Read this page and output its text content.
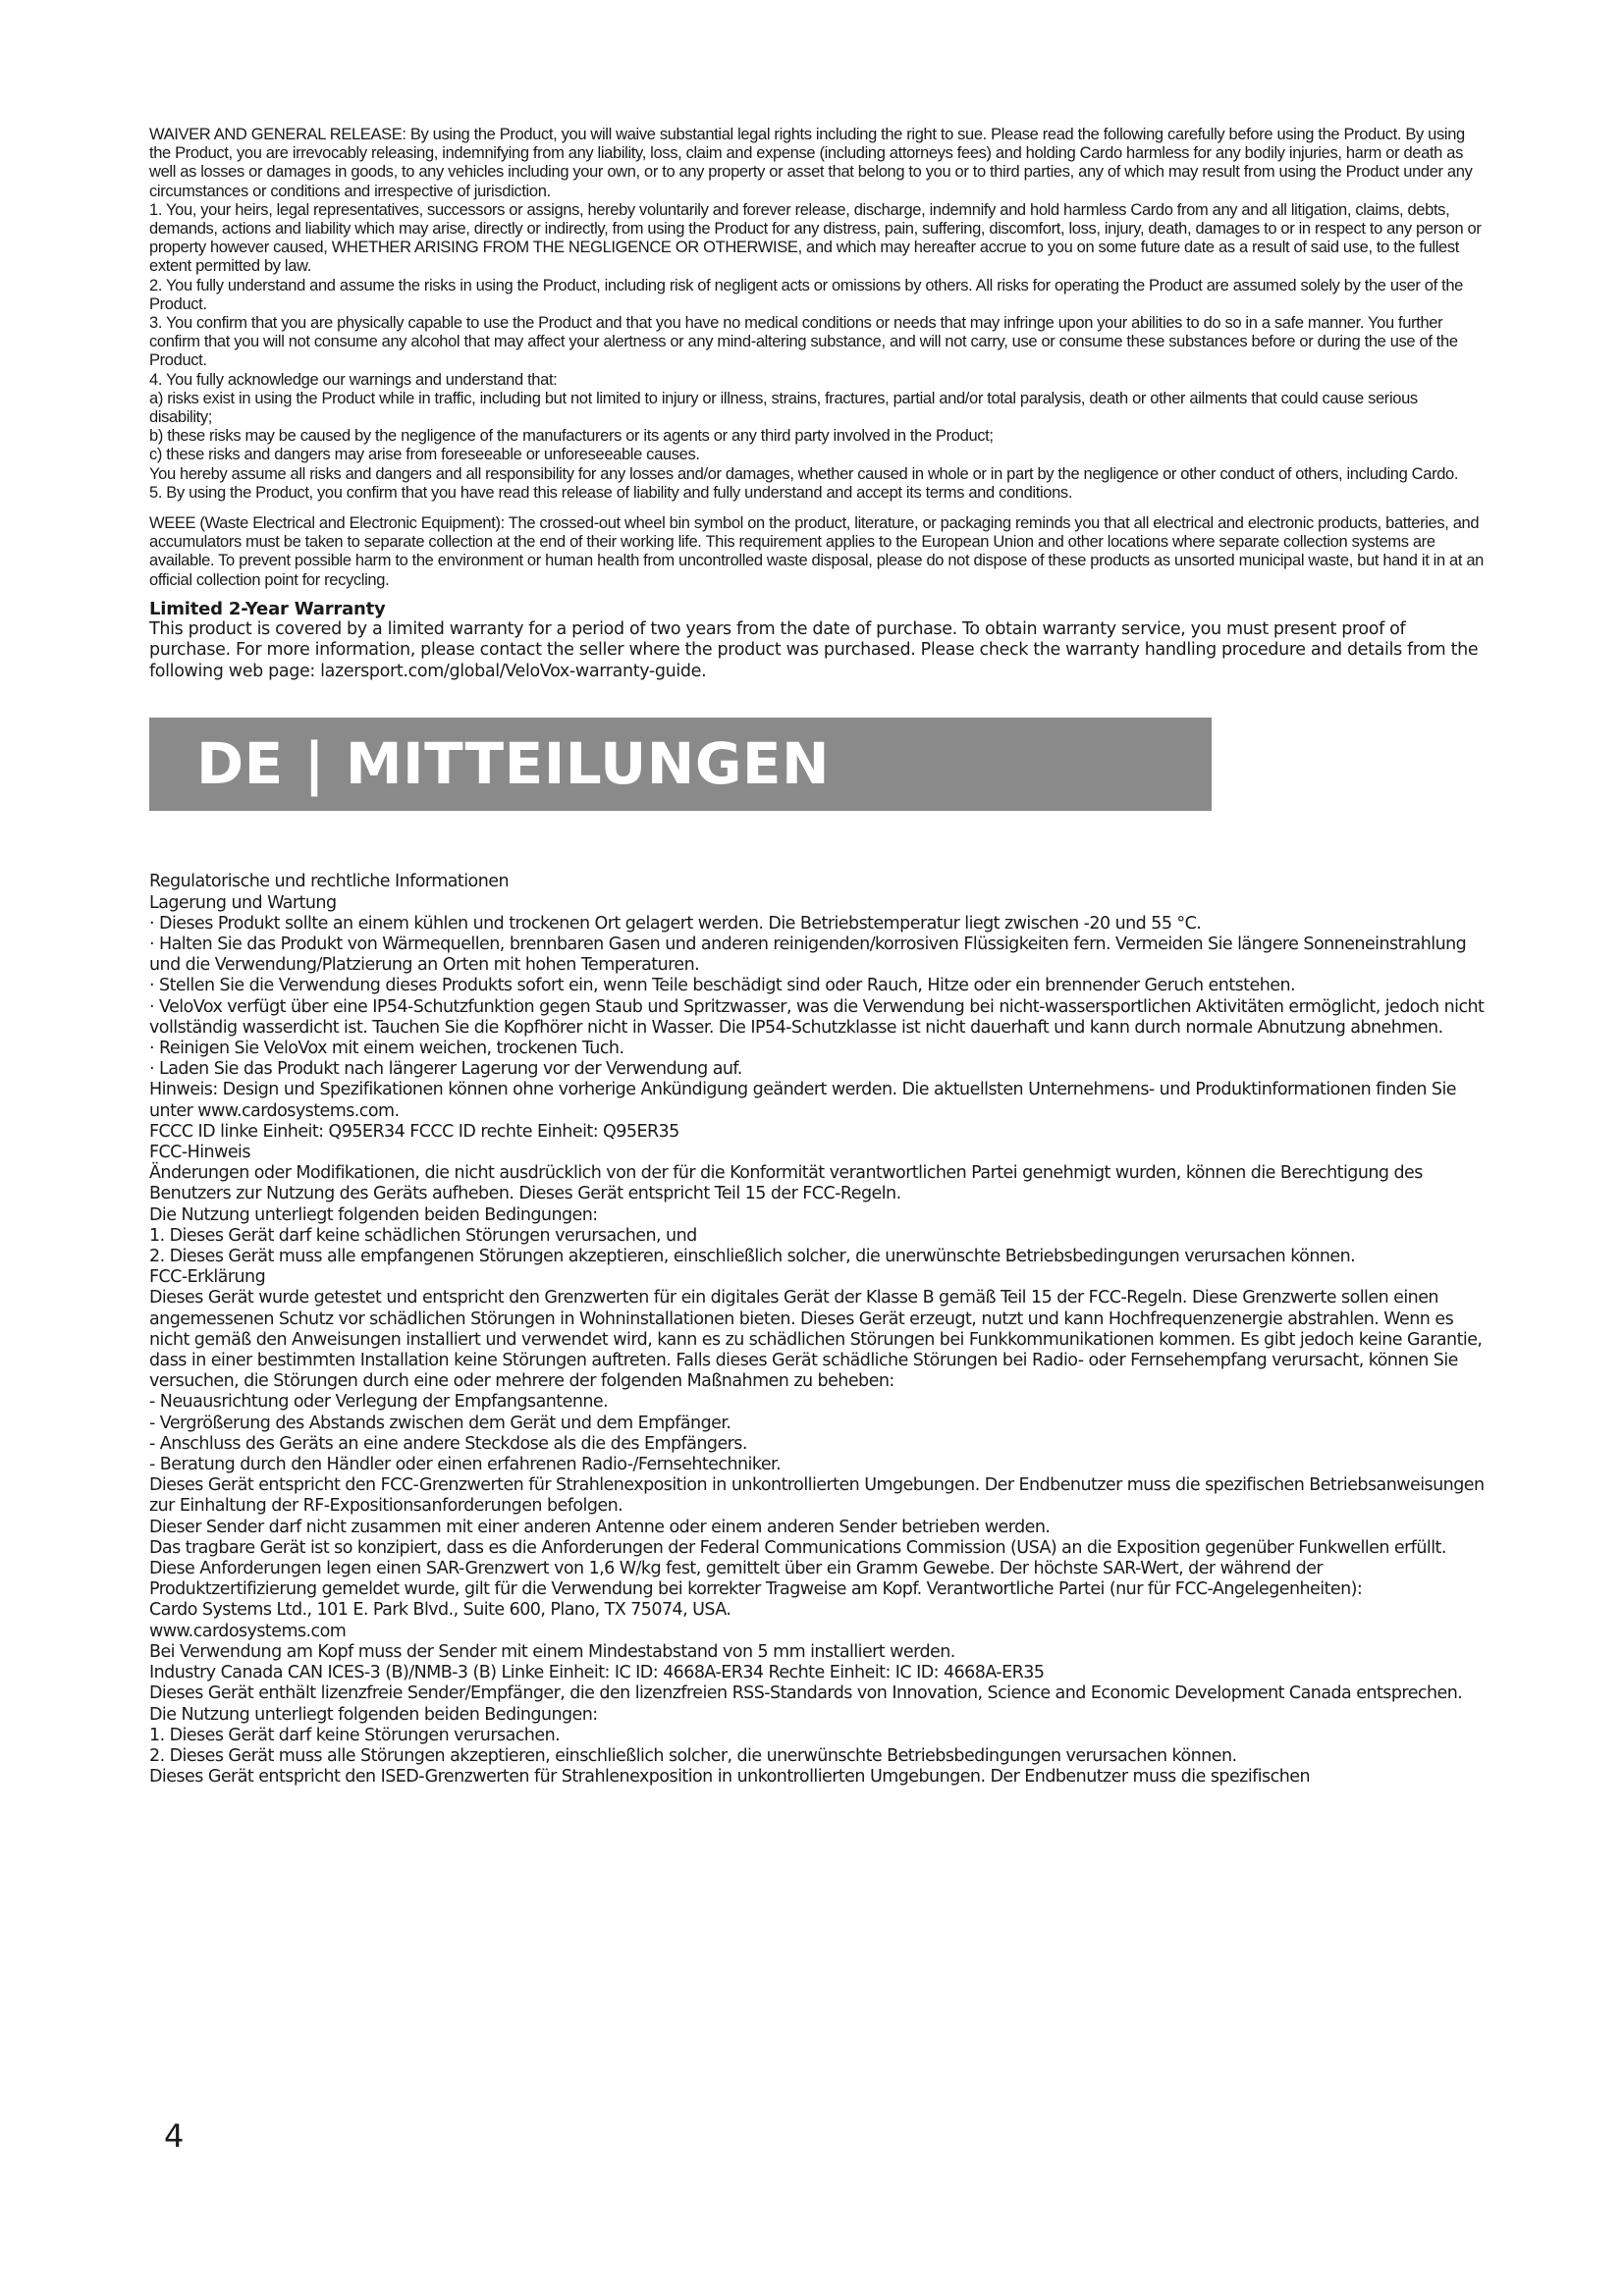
WAIVER AND GENERAL RELEASE: By using the Product, you will waive substantial legal rights including the right to sue. Please read the following carefully before using the Product. By using the Product, you are irrevocably releasing, indemnifying from any liability, loss, claim and expense (including attorneys fees) and holding Cardo harmless for any bodily injuries, harm or death as well as losses or damages in goods, to any vehicles including your own, or to any property or asset that belong to you or to third parties, any of which may result from using the Product under any circumstances or conditions and irrespective of jurisdiction.

1. You, your heirs, legal representatives, successors or assigns, hereby voluntarily and forever release, discharge, indemnify and hold harmless Cardo from any and all litigation, claims, debts, demands, actions and liability which may arise, directly or indirectly, from using the Product for any distress, pain, suffering, discomfort, loss, injury, death, damages to or in respect to any person or property however caused, WHETHER ARISING FROM THE NEGLIGENCE OR OTHERWISE, and which may hereafter accrue to you on some future date as a result of said use, to the fullest extent permitted by law.

2. You fully understand and assume the risks in using the Product, including risk of negligent acts or omissions by others. All risks for operating the Product are assumed solely by the user of the Product.

3. You confirm that you are physically capable to use the Product and that you have no medical conditions or needs that may infringe upon your abilities to do so in a safe manner. You further confirm that you will not consume any alcohol that may affect your alertness or any mind-altering substance, and will not carry, use or consume these substances before or during the use of the Product.

4. You fully acknowledge our warnings and understand that:

a) risks exist in using the Product while in traffic, including but not limited to injury or illness, strains, fractures, partial and/or total paralysis, death or other ailments that could cause serious disability;

b) these risks may be caused by the negligence of the manufacturers or its agents or any third party involved in the Product;

c) these risks and dangers may arise from foreseeable or unforeseeable causes.

You hereby assume all risks and dangers and all responsibility for any losses and/or damages, whether caused in whole or in part by the negligence or other conduct of others, including Cardo.

5. By using the Product, you confirm that you have read this release of liability and fully understand and accept its terms and conditions.

WEEE (Waste Electrical and Electronic Equipment): The crossed-out wheel bin symbol on the product, literature, or packaging reminds you that all electrical and electronic products, batteries, and accumulators must be taken to separate collection at the end of their working life. This requirement applies to the European Union and other locations where separate collection systems are available. To prevent possible harm to the environment or human health from uncontrolled waste disposal, please do not dispose of these products as unsorted municipal waste, but hand it in at an official collection point for recycling.

Limited 2-Year Warranty

This product is covered by a limited warranty for a period of two years from the date of purchase. To obtain warranty service, you must present proof of purchase. For more information, please contact the seller where the product was purchased. Please check the warranty handling procedure and details from the following web page: lazersport.com/global/VeloVox-warranty-guide.

DE | MITTEILUNGEN

Regulatorische und rechtliche Informationen

Lagerung und Wartung

· Dieses Produkt sollte an einem kühlen und trockenen Ort gelagert werden. Die Betriebstemperatur liegt zwischen -20 und 55 °C.

· Halten Sie das Produkt von Wärmequellen, brennbaren Gasen und anderen reinigenden/korrosiven Flüssigkeiten fern. Vermeiden Sie längere Sonneneinstrahlung und die Verwendung/Platzierung an Orten mit hohen Temperaturen.

· Stellen Sie die Verwendung dieses Produkts sofort ein, wenn Teile beschädigt sind oder Rauch, Hitze oder ein brennender Geruch entstehen.

· VeloVox verfügt über eine IP54-Schutzfunktion gegen Staub und Spritzwasser, was die Verwendung bei nicht-wassersportlichen Aktivitäten ermöglicht, jedoch nicht vollständig wasserdicht ist. Tauchen Sie die Kopfhörer nicht in Wasser. Die IP54-Schutzklasse ist nicht dauerhaft und kann durch normale Abnutzung abnehmen.

· Reinigen Sie VeloVox mit einem weichen, trockenen Tuch.

· Laden Sie das Produkt nach längerer Lagerung vor der Verwendung auf.

Hinweis: Design und Spezifikationen können ohne vorherige Ankündigung geändert werden. Die aktuellsten Unternehmens- und Produktinformationen finden Sie unter www.cardosystems.com.

FCCC ID linke Einheit: Q95ER34 FCCC ID rechte Einheit: Q95ER35

FCC-Hinweis

Änderungen oder Modifikationen, die nicht ausdrücklich von der für die Konformität verantwortlichen Partei genehmigt wurden, können die Berechtigung des Benutzers zur Nutzung des Geräts aufheben. Dieses Gerät entspricht Teil 15 der FCC-Regeln.

Die Nutzung unterliegt folgenden beiden Bedingungen:

1. Dieses Gerät darf keine schädlichen Störungen verursachen, und

2. Dieses Gerät muss alle empfangenen Störungen akzeptieren, einschließlich solcher, die unerwünschte Betriebsbedingungen verursachen können.

FCC-Erklärung

Dieses Gerät wurde getestet und entspricht den Grenzwerten für ein digitales Gerät der Klasse B gemäß Teil 15 der FCC-Regeln. Diese Grenzwerte sollen einen angemessenen Schutz vor schädlichen Störungen in Wohninstallationen bieten. Dieses Gerät erzeugt, nutzt und kann Hochfrequenzenergie abstrahlen. Wenn es nicht gemäß den Anweisungen installiert und verwendet wird, kann es zu schädlichen Störungen bei Funkkommunikationen kommen. Es gibt jedoch keine Garantie, dass in einer bestimmten Installation keine Störungen auftreten. Falls dieses Gerät schädliche Störungen bei Radio- oder Fernsehempfang verursacht, können Sie versuchen, die Störungen durch eine oder mehrere der folgenden Maßnahmen zu beheben:

- Neuausrichtung oder Verlegung der Empfangsantenne.

- Vergrößerung des Abstands zwischen dem Gerät und dem Empfänger.

- Anschluss des Geräts an eine andere Steckdose als die des Empfängers.

- Beratung durch den Händler oder einen erfahrenen Radio-/Fernsehtechniker.

Dieses Gerät entspricht den FCC-Grenzwerten für Strahlenexposition in unkontrollierten Umgebungen. Der Endbenutzer muss die spezifischen Betriebsanweisungen zur Einhaltung der RF-Expositionsanforderungen befolgen.

Dieser Sender darf nicht zusammen mit einer anderen Antenne oder einem anderen Sender betrieben werden.

Das tragbare Gerät ist so konzipiert, dass es die Anforderungen der Federal Communications Commission (USA) an die Exposition gegenüber Funkwellen erfüllt. Diese Anforderungen legen einen SAR-Grenzwert von 1,6 W/kg fest, gemittelt über ein Gramm Gewebe. Der höchste SAR-Wert, der während der Produktzertifizierung gemeldet wurde, gilt für die Verwendung bei korrekter Tragweise am Kopf. Verantwortliche Partei (nur für FCC-Angelegenheiten):

Cardo Systems Ltd., 101 E. Park Blvd., Suite 600, Plano, TX 75074, USA.

www.cardosystems.com

Bei Verwendung am Kopf muss der Sender mit einem Mindestabstand von 5 mm installiert werden.

Industry Canada CAN ICES-3 (B)/NMB-3 (B) Linke Einheit: IC ID: 4668A-ER34 Rechte Einheit: IC ID: 4668A-ER35

Dieses Gerät enthält lizenzfreie Sender/Empfänger, die den lizenzfreien RSS-Standards von Innovation, Science and Economic Development Canada entsprechen. Die Nutzung unterliegt folgenden beiden Bedingungen:

1. Dieses Gerät darf keine Störungen verursachen.

2. Dieses Gerät muss alle Störungen akzeptieren, einschließlich solcher, die unerwünschte Betriebsbedingungen verursachen können.

Dieses Gerät entspricht den ISED-Grenzwerten für Strahlenexposition in unkontrollierten Umgebungen. Der Endbenutzer muss die spezifischen

4
